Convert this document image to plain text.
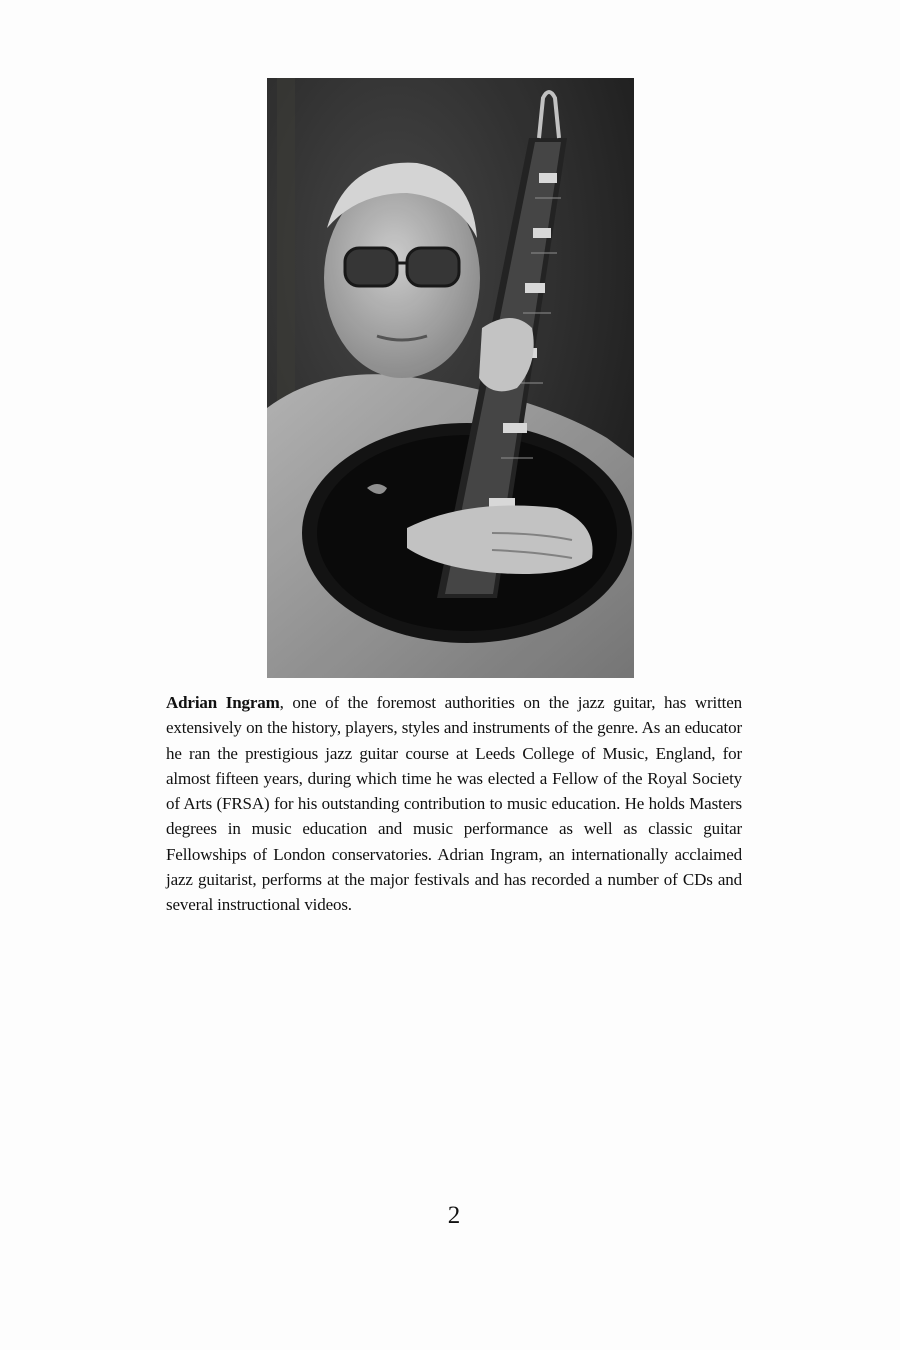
Adrian Ingram, one of the foremost authorities on the jazz guitar, has written extensively on the history, players, styles and instruments of the genre. As an educator he ran the prestigious jazz guitar course at Leeds College of Music, England, for almost fifteen years, during which time he was elected a Fellow of the Royal Society of Arts (FRSA) for his outstanding contribution to music education. He holds Masters degrees in music education and music performance as well as classic guitar Fellowships of London conservatories. Adrian Ingram, an internationally acclaimed jazz guitarist, performs at the major festivals and has recorded a number of CDs and several instructional videos.

2
